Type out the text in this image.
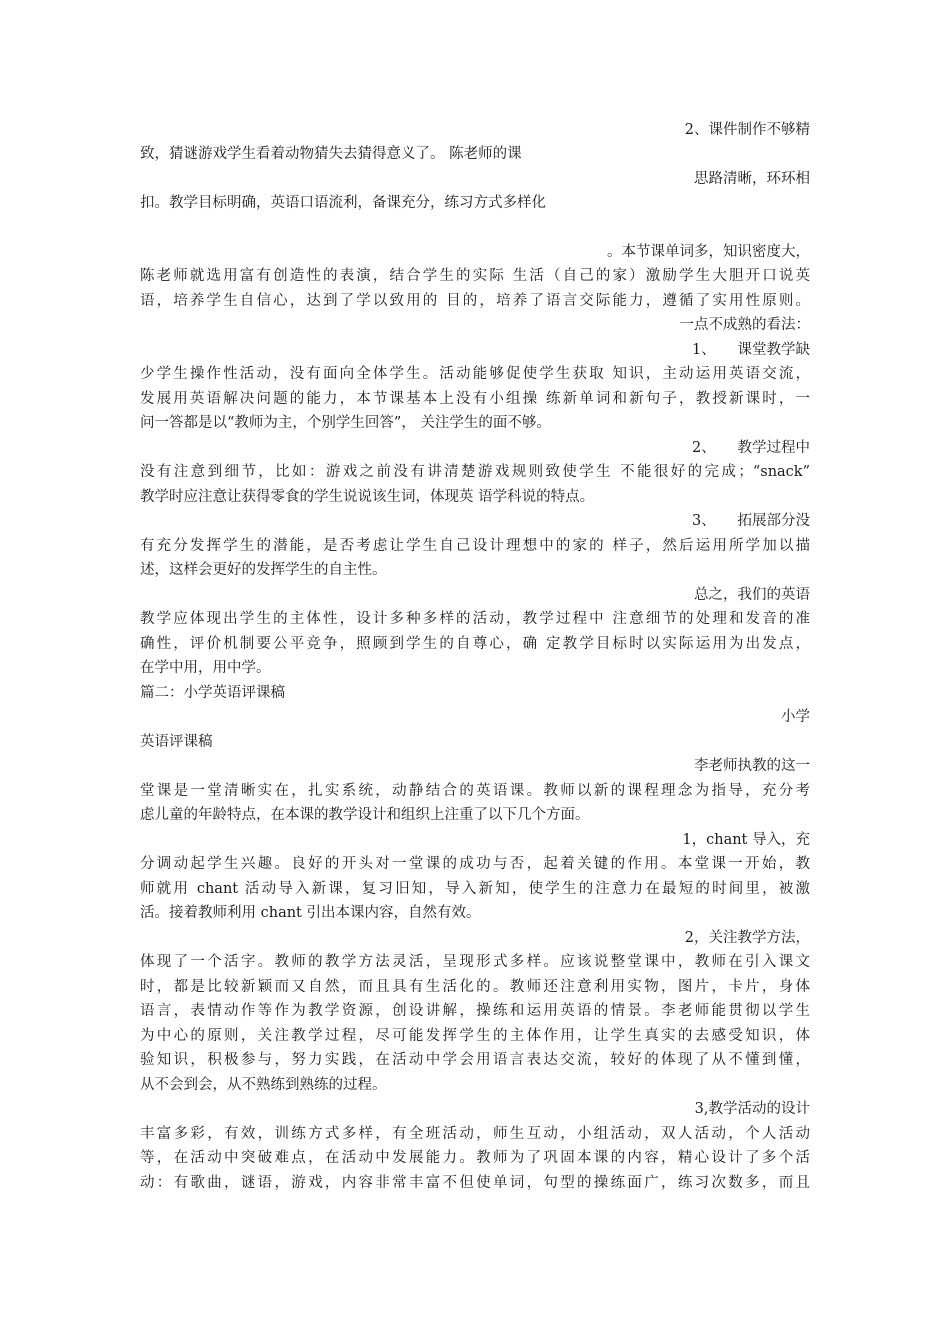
2、课件制作不够精
致，猜谜游戏学生看着动物猜失去猜得意义了。 陈老师的课
思路清晰，环环相
扣。教学目标明确，英语口语流利，备课充分，练习方式多样化
。本节课单词多，知识密度大，
陈老师就选用富有创造性的表演，结合学生的实际 生活（自己的家）激励学生大胆开口说英
语，培养学生自信心，达到了学以致用的 目的，培养了语言交际能力，遵循了实用性原则。
一点不成熟的看法：
1、　　课堂教学缺
少学生操作性活动，没有面向全体学生。活动能够促使学生获取 知识，主动运用英语交流，
发展用英语解决问题的能力，本节课基本上没有小组操 练新单词和新句子，教授新课时，一
问一答都是以“教师为主，个别学生回答”， 关注学生的面不够。
2、　　教学过程中
没有注意到细节，比如：游戏之前没有讲清楚游戏规则致使学生 不能很好的完成；“snack”
教学时应注意让获得零食的学生说说该生词，体现英 语学科说的特点。
3、　　拓展部分没
有充分发挥学生的潜能，是否考虑让学生自己设计理想中的家的 样子，然后运用所学加以描
述，这样会更好的发挥学生的自主性。
总之，我们的英语
教学应体现出学生的主体性，设计多种多样的活动，教学过程中 注意细节的处理和发音的准
确性，评价机制要公平竞争，照顾到学生的自尊心，确 定教学目标时以实际运用为出发点，
在学中用，用中学。
篇二：小学英语评课稿
小学
英语评课稿
李老师执教的这一
堂课是一堂清晰实在，扎实系统，动静结合的英语课。教师以新的课程理念为指导，充分考
虑儿童的年龄特点，在本课的教学设计和组织上注重了以下几个方面。
1，chant 导入，充
分调动起学生兴趣。良好的开头对一堂课的成功与否，起着关键的作用。本堂课一开始，教
师就用 chant 活动导入新课，复习旧知，导入新知，使学生的注意力在最短的时间里，被激
活。接着教师利用 chant 引出本课内容，自然有效。
2，关注教学方法，
体现了一个活字。教师的教学方法灵活，呈现形式多样。应该说整堂课中，教师在引入课文
时，都是比较新颖而又自然，而且具有生活化的。教师还注意利用实物，图片，卡片，身体
语言，表情动作等作为教学资源，创设讲解，操练和运用英语的情景。李老师能贯彻以学生
为中心的原则，关注教学过程，尽可能发挥学生的主体作用，让学生真实的去感受知识，体
验知识，积极参与，努力实践，在活动中学会用语言表达交流，较好的体现了从不懂到懂，
从不会到会，从不熟练到熟练的过程。
3,教学活动的设计
丰富多彩，有效，训练方式多样，有全班活动，师生互动，小组活动，双人活动，个人活动
等，在活动中突破难点，在活动中发展能力。教师为了巩固本课的内容，精心设计了多个活
动：有歌曲，谜语，游戏，内容非常丰富不但使单词，句型的操练面广，练习次数多，而且
